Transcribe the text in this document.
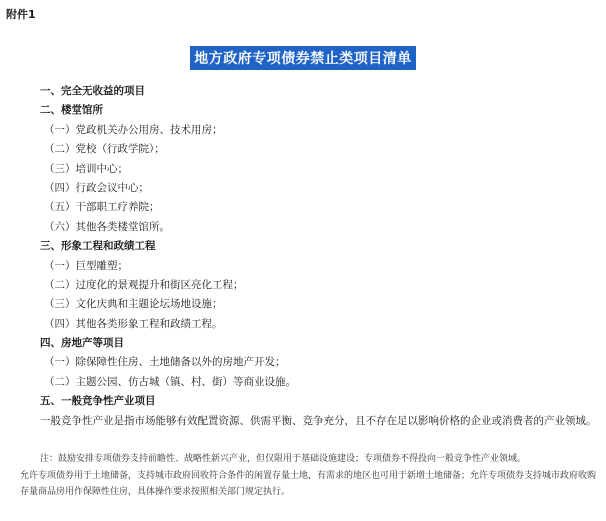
附件1
地方政府专项债券禁止类项目清单
一、完全无收益的项目
二、楼堂馆所
（一）党政机关办公用房、技术用房；
（二）党校（行政学院）；
（三）培训中心；
（四）行政会议中心；
（五）干部职工疗养院；
（六）其他各类楼堂馆所。
三、形象工程和政绩工程
（一）巨型雕塑；
（二）过度化的景观提升和街区亮化工程；
（三）文化庆典和主题论坛场地设施；
（四）其他各类形象工程和政绩工程。
四、房地产等项目
（一）除保障性住房、土地储备以外的房地产开发；
（二）主题公园、仿古城（镇、村、街）等商业设施。
五、一般竞争性产业项目
一般竞争性产业是指市场能够有效配置资源、供需平衡、竞争充分，且不存在足以影响价格的企业或消费者的产业领域。
注：鼓励安排专项债券支持前瞻性、战略性新兴产业，但仅限用于基础设施建设；专项债券不得投向一般竞争性产业领域。
允许专项债券用于土地储备，支持城市政府回收符合条件的闲置存量土地，有需求的地区也可用于新增土地储备；允许专项债券支持城市政府收购存量商品房用作保障性住房，具体操作要求按照相关部门规定执行。
